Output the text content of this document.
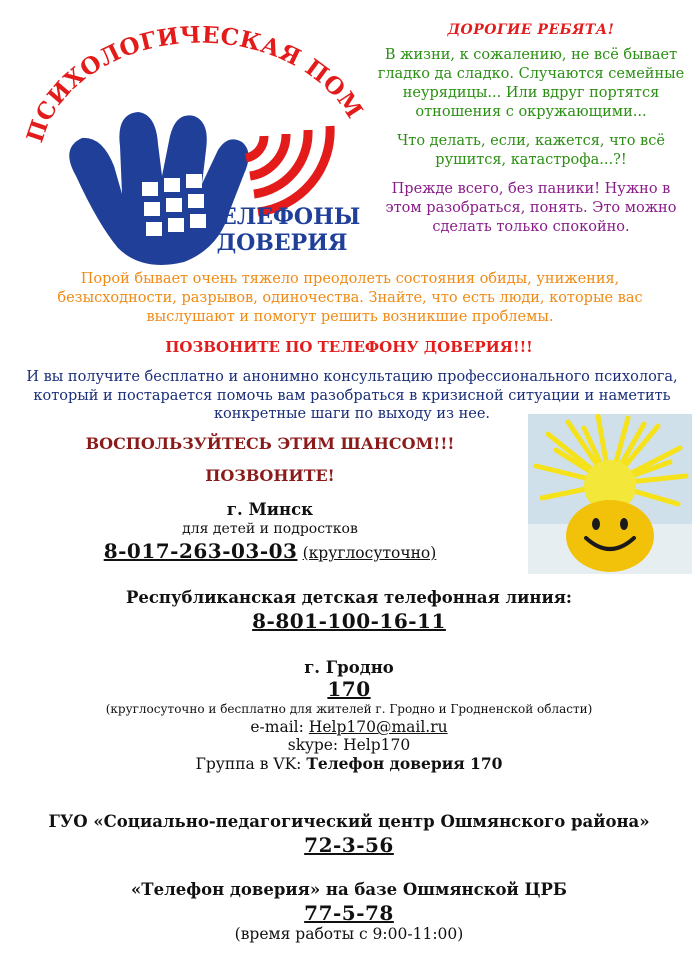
ПСИХОЛОГИЧЕСКАЯ ПОМ
ТЕЛЕФОНЫ
ДОВЕРИЯ
ДОРОГИЕ РЕБЯТА!

В жизни, к сожалению, не всё бывает гладко да сладко. Случаются семейные неурядицы... Или вдруг портятся отношения с окружающими...

Что делать, если, кажется, что всё рушится, катастрофа...?!

Прежде всего, без паники! Нужно в этом разобраться, понять. Это можно сделать только спокойно.

Порой бывает очень тяжело преодолеть состояния обиды, унижения, безысходности, разрывов, одиночества. Знайте, что есть люди, которые вас выслушают и помогут решить возникшие проблемы.
ПОЗВОНИТЕ ПО ТЕЛЕФОНУ ДОВЕРИЯ!!!
И вы получите бесплатно и анонимно консультацию профессионального психолога, который и постарается помочь вам разобраться в кризисной ситуации и наметить конкретные шаги по выходу из нее.
ВОСПОЛЬЗУЙТЕСЬ ЭТИМ ШАНСОМ!!!
ПОЗВОНИТЕ!
г. Минск
для детей и подростков
8-017-263-03-03 (круглосуточно)
Республиканская детская телефонная линия:
8-801-100-16-11
г. Гродно
170
(круглосуточно и бесплатно для жителей г. Гродно и Гродненской области)
e-mail: Help170@mail.ru
skype: Help170
Группа в VK: Телефон доверия 170
ГУО «Социально-педагогический центр Ошмянского района»
72-3-56
«Телефон доверия» на базе Ошмянской ЦРБ
77-5-78
(время работы с 9:00-11:00)
